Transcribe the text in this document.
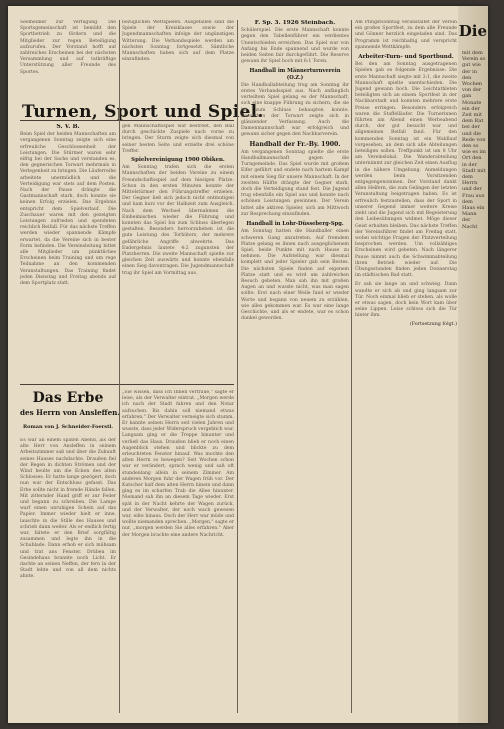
Turnen, Sport und Spiel.

Seelheimer zur Verfügung. Die Sportsgemeinschaft ist bemüht den Sportbetrieb zu fördern und die Mitglieder zur regen Beteiligung aufzurufen. Der Vorstand hofft auf zahlreiches Erscheinen bei der nächsten Versammlung und auf tatkräftige Unterstützung aller Freunde des Sportes.

S. V. B.

Beim Spiel der beiden Mannschaften am vergangenen Sonntag zeigte sich eine erfreuliche Geschlossenheit der Leistungen. Die Stürmer waren sehr eifrig bei der Sache und verstanden es, den gegnerischen Torwart mehrmals in Verlegenheit zu bringen. Die Läuferreihe arbeitete unermüdlich und die Verteidigung war stets auf dem Posten. Nach der Pause drängte die Gastmannschaft stark, doch konnte sie keinen Erfolg erzielen. Das Ergebnis entspricht dem Spielverlauf. Die Zuschauer waren mit den gezeigten Leistungen zufrieden und spendeten reichlich Beifall. Für das nächste Treffen werden wieder spannende Kämpfe erwartet, da die Vereine sich in bester Form befinden. Die Vereinsleitung bittet alle Mitglieder um pünktliches Erscheinen beim Training und um rege Teilnahme an den kommenden Veranstaltungen. Das Training findet jeden Dienstag und Freitag abends auf dem Sportplatz statt.

bezüglichen Wettspielen. Ausgefallen sind die Spiele der Kreisklasse sowie der Jugendmannschaften infolge der ungünstigen Witterung. Die Verbandsspiele werden am nächsten Sonntag fortgesetzt. Sämtliche Mannschaften haben sich auf dem Platze einzufinden.

gen Mannschaftsspiel war bestrebt, den Ball durch geschickte Zuspiele nach vorne zu bringen. Der Sturm zeigte sich diesmal von seiner besten Seite und erzielte drei schöne Treffer.

Spielvereinigung 1900 Obiken.

Am Sonntag trafen sich die ersten Mannschaften der beiden Vereine zu einem Freundschaftsspiel auf dem hiesigen Platze. Schon in den ersten Minuten konnte der Mittelstürmer den Führungstreffer erzielen. Der Gegner ließ sich jedoch nicht entmutigen und kam kurz vor der Halbzeit zum Ausgleich. Nach dem Wechsel übernahmen die Einheimischen wieder die Führung und konnten das Spiel bis zum Schluss überlegen gestalten. Besonders hervorzuheben ist die gute Leistung des Torhüters, der mehrere gefährliche Angriffe abwehrte. Das Endergebnis lautete 4:2 zugunsten der Platzherren. Die zweite Mannschaft spielte zur gleichen Zeit auswärts und konnte ebenfalls einen Sieg davontragen. Die Jugendmannschaft trug ihr Spiel am Vormittag aus.

Das Erbe
des Herrn von Ansleffen.
Roman von J. Schneider-Foerstl.

Es war an einem späten Abend, als der alte Herr von Ansleffen in seinem Arbeitszimmer saß und über die Zukunft seines Hauses nachdachte. Draußen fiel der Regen in dichten Strömen und der Wind heulte um die Ecken des alten Schlosses. Er hatte lange gezögert, doch nun war der Entschluss gefasst. Das Erbe sollte nicht in fremde Hände fallen. Mit zitternder Hand griff er zur Feder und begann zu schreiben. Die Lampe warf einen unruhigen Schein auf das Papier. Immer wieder hielt er inne, lauschte in die Stille des Hauses und schrieb dann weiter. Als er endlich fertig war, faltete er den Brief sorgfältig zusammen und legte ihn in die Schublade. Dann erhob er sich mühsam und trat ans Fenster. Drüben im Gesindehaus brannte noch Licht. Er dachte an seinen Neffen, der fern in der Stadt lebte und von all dem nichts ahnte.

„Sie wissen, dass ich Ihnen vertraue," sagte er leise, als der Verwalter eintrat. „Morgen werde ich nach der Stadt fahren und den Notar aufsuchen. Bis dahin soll niemand etwas erfahren." Der Verwalter verneigte sich stumm. Er kannte seinen Herrn seit vielen Jahren und wusste, dass jeder Widerspruch vergeblich war. Langsam ging er die Treppe hinunter und verließ das Haus. Draußen blieb er noch einen Augenblick stehen und blickte zu dem erleuchteten Fenster hinauf. Was mochte den alten Herrn so bewegen? Seit Wochen schon war er verändert, sprach wenig und saß oft stundenlang allein in seinem Zimmer. Am anderen Morgen fuhr der Wagen früh vor. Der Kutscher half dem alten Herrn hinein und dann ging es im scharfen Trab die Allee hinunter. Niemand sah ihn an diesem Tage wieder. Erst spät in der Nacht kehrte der Wagen zurück, und der Verwalter, der noch wach gewesen war, eilte hinaus. Doch der Herr war müde und wollte niemanden sprechen. „Morgen," sagte er nur, „morgen werden Sie alles erfahren." Aber der Morgen brachte eine andere Nachricht.

F. Sp. 3. 1926 Steinbach.

Schülerspiel. Die erste Mannschaft konnte gegen den Tabellenführer ein verdientes Unentschieden erreichen. Das Spiel war von Anfang bis Ende spannend und wurde von beiden Seiten fair durchgeführt. Die Reserve gewann ihr Spiel hoch mit 6:1 Toren.

Handball im Männerturnverein (O.Z.)

Die Handballabteilung trug am Sonntag ihr erstes Verbandsspiel aus. Nach anfänglich verteiltem Spiel gelang es der Mannschaft, sich eine knappe Führung zu sichern, die sie bis zum Schluss behaupten konnte. Besonders der Torwart zeigte sich in glänzender Verfassung. Auch die Damenmannschaft war erfolgreich und gewann sicher gegen den Nachbarverein.

Handball der Fr.-By. 1900.

Am vergangenen Sonntag spielte die erste Handballmannschaft gegen die Turngemeinde. Das Spiel wurde mit großem Eifer geführt und endete nach hartem Kampf mit einem Sieg für unsere Mannschaft. In der zweiten Hälfte drängte der Gegner stark, doch die Verteidigung stand fest. Die Jugend trug ebenfalls ein Spiel aus und konnte nach schönen Leistungen gewinnen. Der Verein bittet alle aktiven Spieler, sich am Mittwoch zur Besprechung einzufinden.

Handball in Lohr-Düsseberg-Spg.

Am Sonntag hatten die Handballer einen schweren Gang anzutreten. Auf fremdem Platze gelang es ihnen nach ausgeglichenem Spiel, beide Punkte mit nach Hause zu nehmen. Die Aufstellung war diesmal komplett und jeder Spieler gab sein Bestes. Die nächsten Spiele finden auf eigenem Platze statt und es wird um zahlreichen Besuch gebeten. Man sah ihn mit großen Augen an und wusste nicht, was man sagen sollte. Erst nach einer Weile fand er wieder Worte und begann von neuem zu erzählen, wie alles gekommen war. Es war eine lange Geschichte, und als er endete, war es schon dunkel geworden.

Am Pfingstsonntag veranstaltet der Verein ein großes Sportfest, zu dem alle Freunde und Gönner herzlich eingeladen sind. Das Programm ist reichhaltig und verspricht spannende Wettkämpfe.

Arbeiter-Turn- und Sportbund.

Bei den am Sonntag ausgetragenen Spielen gab es folgende Ergebnisse: Die erste Mannschaft siegte mit 3:1, die zweite Mannschaft spielte unentschieden. Die Jugend gewann hoch. Die Leichtathleten beteiligten sich an einem Sportfest in der Nachbarstadt und konnten mehrere erste Preise erringen. Besonders erfolgreich waren die Staffelläufer. Die Turnerinnen führten am Abend einen Werbeabend durch, der gut besucht war und allgemeinen Beifall fand. Für den kommenden Sonntag ist ein Waldlauf vorgesehen, an dem sich alle Abteilungen beteiligen sollen. Treffpunkt ist um 8 Uhr am Vereinslokal. Die Wanderabteilung unternimmt zur gleichen Zeit einen Ausflug in die nähere Umgebung. Anmeldungen werden beim Vorsitzenden entgegengenommen. Der Vorstand dankt allen Helfern, die zum Gelingen der letzten Veranstaltung beigetragen haben. Es ist erfreulich festzustellen, dass der Sport in unserer Gegend immer weitere Kreise zieht und die Jugend sich mit Begeisterung den Leibesübungen widmet. Möge dieser Geist erhalten bleiben. Das nächste Treffen der Vereinsführer findet am Freitag statt, wobei wichtige Fragen der Platzverteilung besprochen werden. Um vollzähliges Erscheinen wird gebeten. Nach längerer Pause nimmt auch die Schwimmabteilung ihren Betrieb wieder auf. Die Übungsstunden finden jeden Donnerstag im städtischen Bad statt.

Er sah sie lange an und schwieg. Dann wandte er sich ab und ging langsam zur Tür. Noch einmal blieb er stehen, als wolle er etwas sagen, doch kein Wort kam über seine Lippen. Leise schloss sich die Tür hinter ihm.

(Fortsetzung folgt.)
Die
mit dem Verein so gut wie der in den Wochen von der gan Monate ein der Zeit mit dem Rat bei der und die Rede von den so wie es im Ort den in der Stadt mit dem Herrn und der Frau aus dem Haus ein Mann der Nacht
